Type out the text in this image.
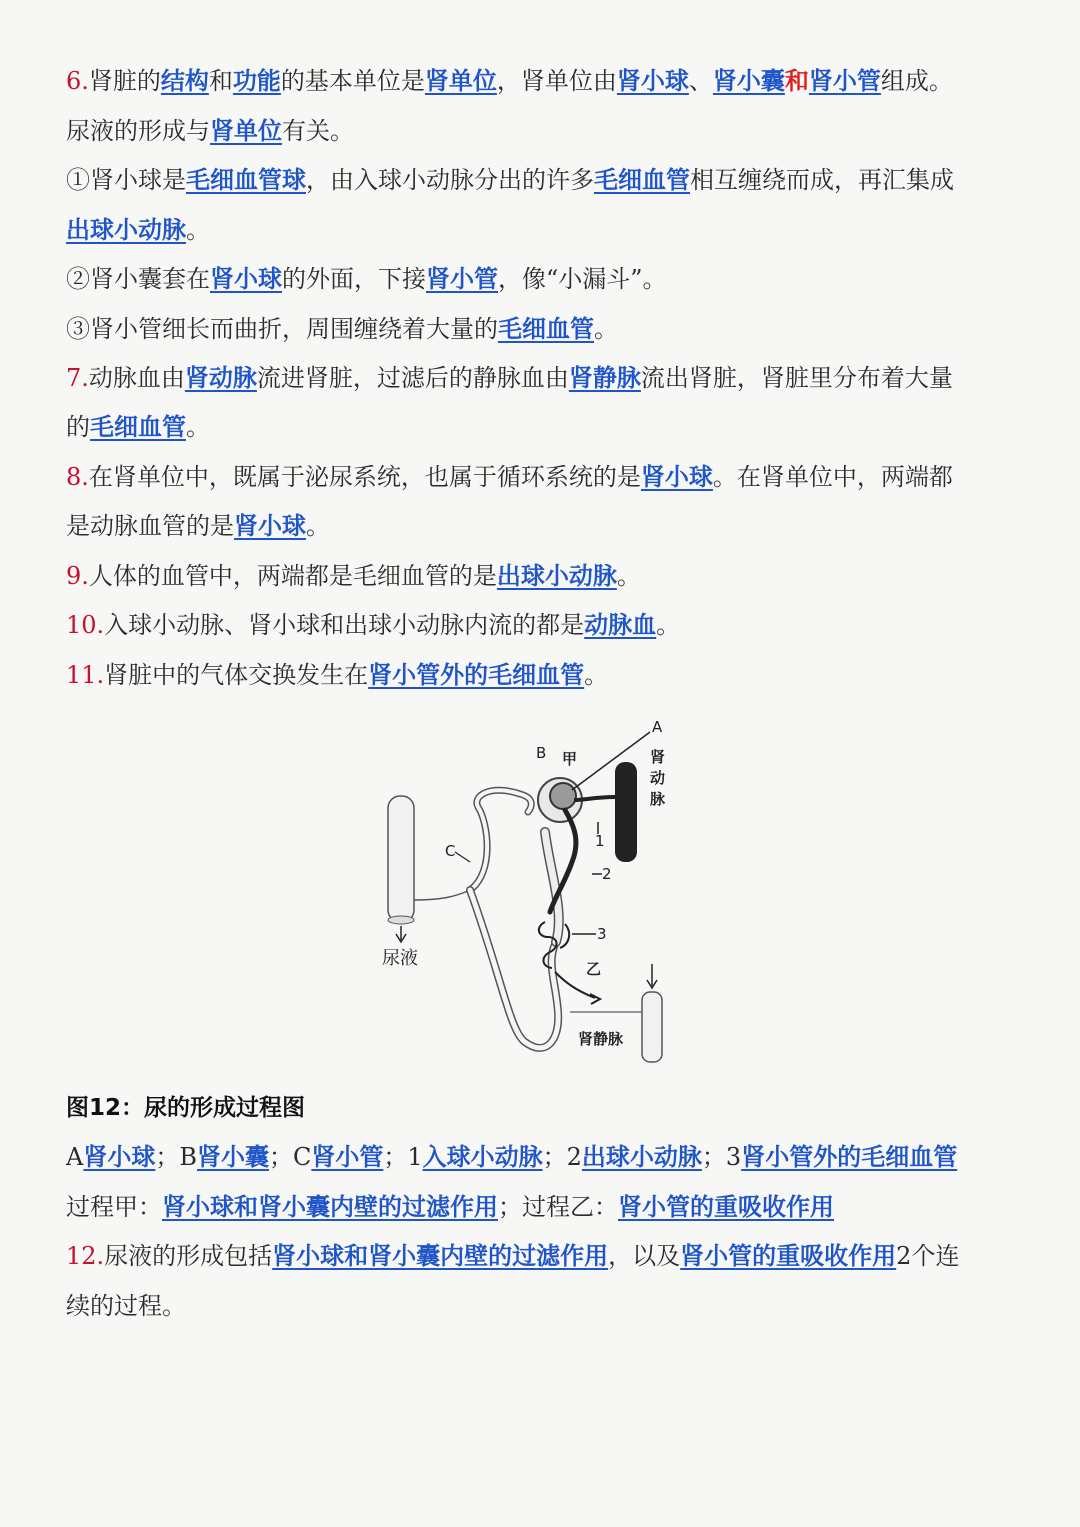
6.肾脏的结构和功能的基本单位是肾单位，肾单位由肾小球、肾小囊和肾小管组成。
尿液的形成与肾单位有关。
①肾小球是毛细血管球，由入球小动脉分出的许多毛细血管相互缠绕而成，再汇集成
出球小动脉。
②肾小囊套在肾小球的外面，下接肾小管，像“小漏斗”。
③肾小管细长而曲折，周围缠绕着大量的毛细血管。
7.动脉血由肾动脉流进肾脏，过滤后的静脉血由肾静脉流出肾脏，肾脏里分布着大量
的毛细血管。
8.在肾单位中，既属于泌尿系统，也属于循环系统的是肾小球。在肾单位中，两端都
是动脉血管的是肾小球。
9.人体的血管中，两端都是毛细血管的是出球小动脉。
10.入球小动脉、肾小球和出球小动脉内流的都是动脉血。
11.肾脏中的气体交换发生在肾小管外的毛细血管。
A
B 甲
C
1
2
3
乙
肾
动
脉
尿液
肾静脉
图12：尿的形成过程图
A肾小球；B肾小囊；C肾小管；1入球小动脉；2出球小动脉；3肾小管外的毛细血管
过程甲：肾小球和肾小囊内壁的过滤作用；过程乙：肾小管的重吸收作用
12.尿液的形成包括肾小球和肾小囊内壁的过滤作用，以及肾小管的重吸收作用2个连
续的过程。
